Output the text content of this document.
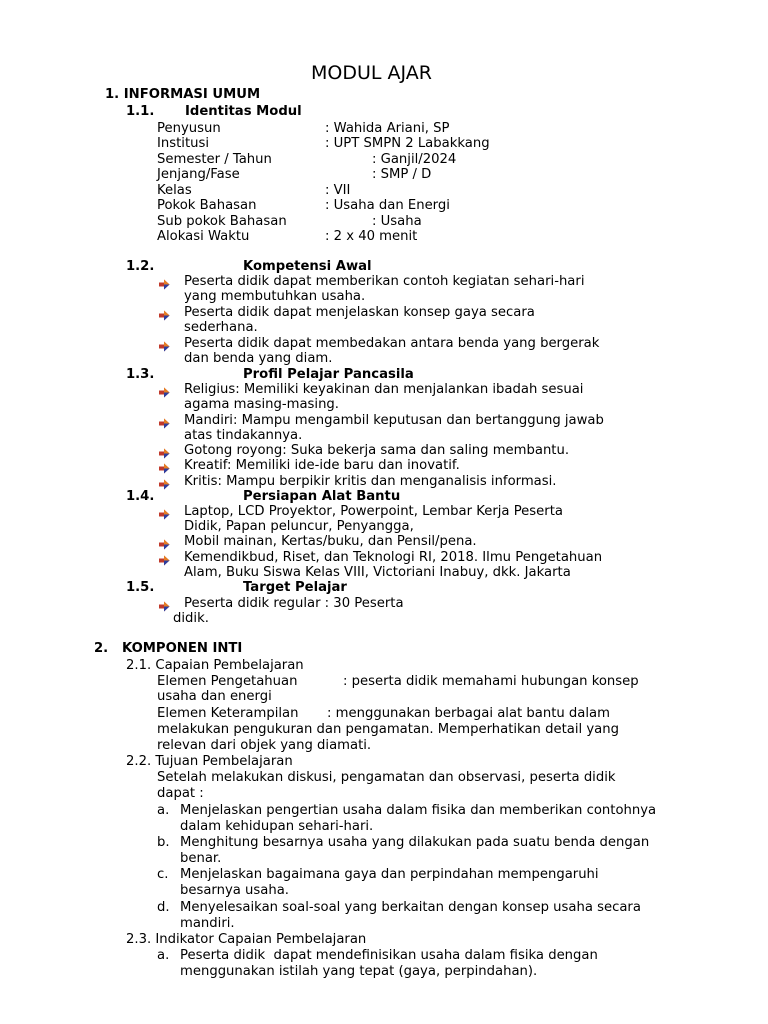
MODUL AJAR
1. INFORMASI UMUM
1.1. Identitas Modul
Penyusun	: Wahida Ariani, SP
Institusi	: UPT SMPN 2 Labakkang
Semester / Tahun	: Ganjil/2024
Jenjang/Fase	: SMP / D
Kelas	: VII
Pokok Bahasan	: Usaha dan Energi
Sub pokok Bahasan	: Usaha
Alokasi Waktu	: 2 x 40 menit
1.2.	Kompetensi Awal
Peserta didik dapat memberikan contoh kegiatan sehari-hari
yang membutuhkan usaha.
Peserta didik dapat menjelaskan konsep gaya secara
sederhana.
Peserta didik dapat membedakan antara benda yang bergerak
dan benda yang diam.
1.3.	Profil Pelajar Pancasila
Religius: Memiliki keyakinan dan menjalankan ibadah sesuai
agama masing-masing.
Mandiri: Mampu mengambil keputusan dan bertanggung jawab
atas tindakannya.
Gotong royong: Suka bekerja sama dan saling membantu.
Kreatif: Memiliki ide-ide baru dan inovatif.
Kritis: Mampu berpikir kritis dan menganalisis informasi.
1.4.	Persiapan Alat Bantu
Laptop, LCD Proyektor, Powerpoint, Lembar Kerja Peserta
Didik, Papan peluncur, Penyangga,
Mobil mainan, Kertas/buku, dan Pensil/pena.
Kemendikbud, Riset, dan Teknologi RI, 2018. Ilmu Pengetahuan
Alam, Buku Siswa Kelas VIII, Victoriani Inabuy, dkk. Jakarta
1.5.	Target Pelajar
Peserta didik regular : 30 Peserta
didik.
2.   KOMPONEN INTI
2.1. Capaian Pembelajaran
Elemen Pengetahuan	: peserta didik memahami hubungan konsep
usaha dan energi
Elemen Keterampilan : menggunakan berbagai alat bantu dalam
melakukan pengukuran dan pengamatan. Memperhatikan detail yang
relevan dari objek yang diamati.
2.2. Tujuan Pembelajaran
Setelah melakukan diskusi, pengamatan dan observasi, peserta didik
dapat :
a. Menjelaskan pengertian usaha dalam fisika dan memberikan contohnya
dalam kehidupan sehari-hari.
b. Menghitung besarnya usaha yang dilakukan pada suatu benda dengan
benar.
c. Menjelaskan bagaimana gaya dan perpindahan mempengaruhi
besarnya usaha.
d. Menyelesaikan soal-soal yang berkaitan dengan konsep usaha secara
mandiri.
2.3. Indikator Capaian Pembelajaran
a. Peserta didik  dapat mendefinisikan usaha dalam fisika dengan
menggunakan istilah yang tepat (gaya, perpindahan).
